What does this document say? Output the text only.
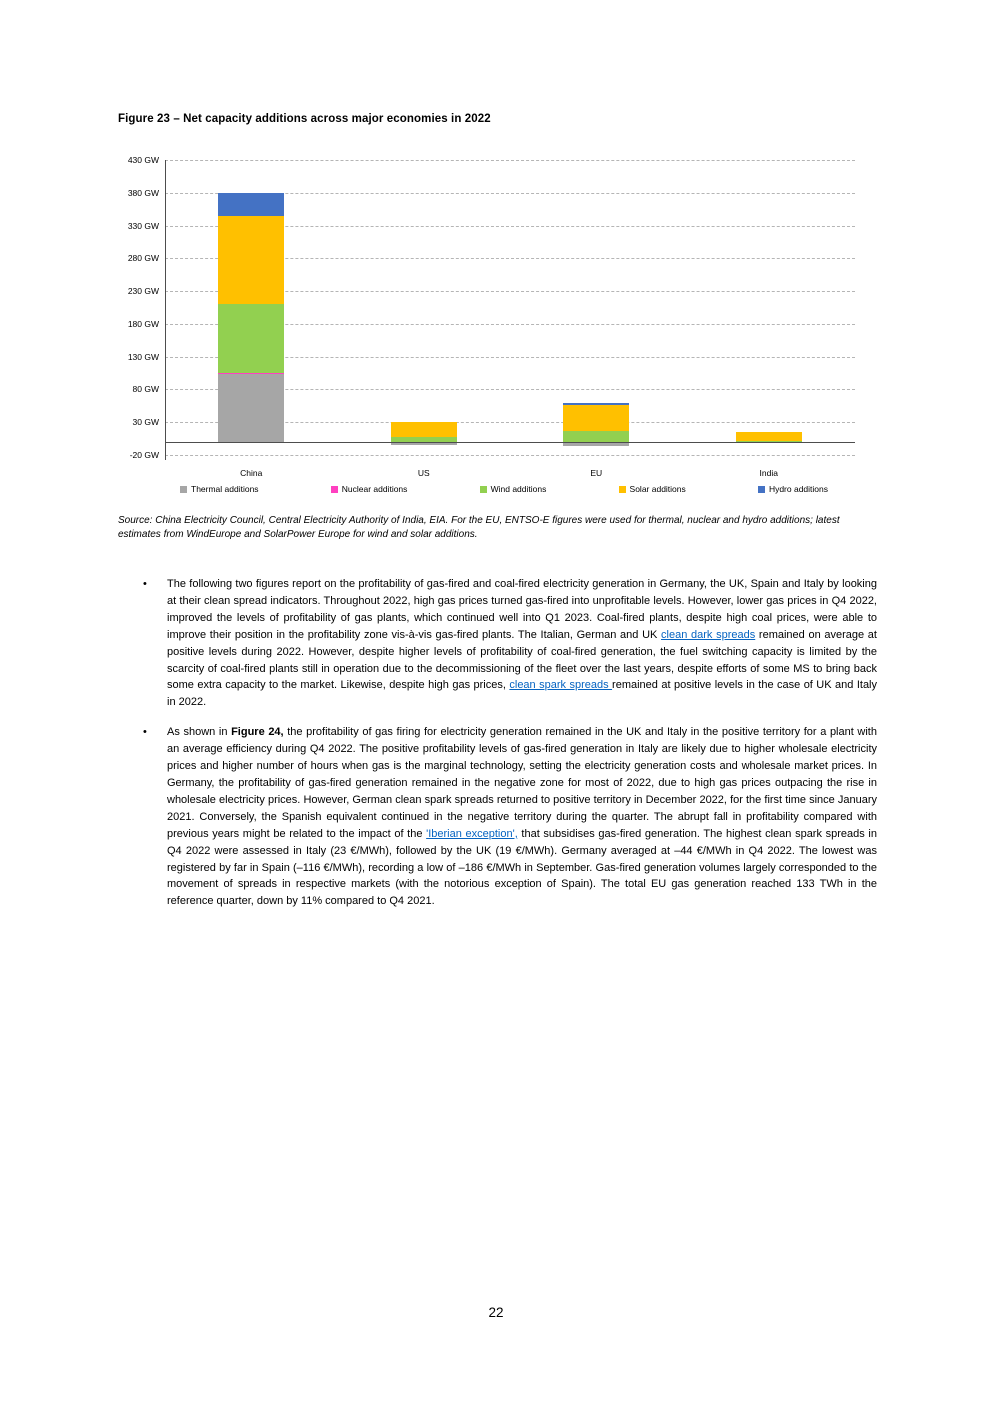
Figure 23 – Net capacity additions across major economies in 2022
-20 GW
30 GW
80 GW
130 GW
180 GW
230 GW
280 GW
330 GW
380 GW
430 GW
China	US	EU	India
Thermal additions	Nuclear additions	Wind additions	Solar additions	Hydro additions
Source: China Electricity Council, Central Electricity Authority of India, EIA. For the EU, ENTSO-E figures were used for thermal, nuclear and hydro additions; latest estimates from WindEurope and SolarPower Europe for wind and solar additions.
• The following two figures report on the profitability of gas-fired and coal-fired electricity generation in Germany, the UK, Spain and Italy by looking at their clean spread indicators. Throughout 2022, high gas prices turned gas-fired into unprofitable levels. However, lower gas prices in Q4 2022, improved the levels of profitability of gas plants, which continued well into Q1 2023. Coal-fired plants, despite high coal prices, were able to improve their position in the profitability zone vis-à-vis gas-fired plants. The Italian, German and UK clean dark spreads remained on average at positive levels during 2022. However, despite higher levels of profitability of coal-fired generation, the fuel switching capacity is limited by the scarcity of coal-fired plants still in operation due to the decommissioning of the fleet over the last years, despite efforts of some MS to bring back some extra capacity to the market. Likewise, despite high gas prices, clean spark spreads remained at positive levels in the case of UK and Italy in 2022.
• As shown in Figure 24, the profitability of gas firing for electricity generation remained in the UK and Italy in the positive territory for a plant with an average efficiency during Q4 2022. The positive profitability levels of gas-fired generation in Italy are likely due to higher wholesale electricity prices and higher number of hours when gas is the marginal technology, setting the electricity generation costs and wholesale market prices. In Germany, the profitability of gas-fired generation remained in the negative zone for most of 2022, due to high gas prices outpacing the rise in wholesale electricity prices. However, German clean spark spreads returned to positive territory in December 2022, for the first time since January 2021. Conversely, the Spanish equivalent continued in the negative territory during the quarter. The abrupt fall in profitability compared with previous years might be related to the impact of the 'Iberian exception', that subsidises gas-fired generation. The highest clean spark spreads in Q4 2022 were assessed in Italy (23 €/MWh), followed by the UK (19 €/MWh). Germany averaged at –44 €/MWh in Q4 2022. The lowest was registered by far in Spain (–116 €/MWh), recording a low of –186 €/MWh in September. Gas-fired generation volumes largely corresponded to the movement of spreads in respective markets (with the notorious exception of Spain). The total EU gas generation reached 133 TWh in the reference quarter, down by 11% compared to Q4 2021.
22
